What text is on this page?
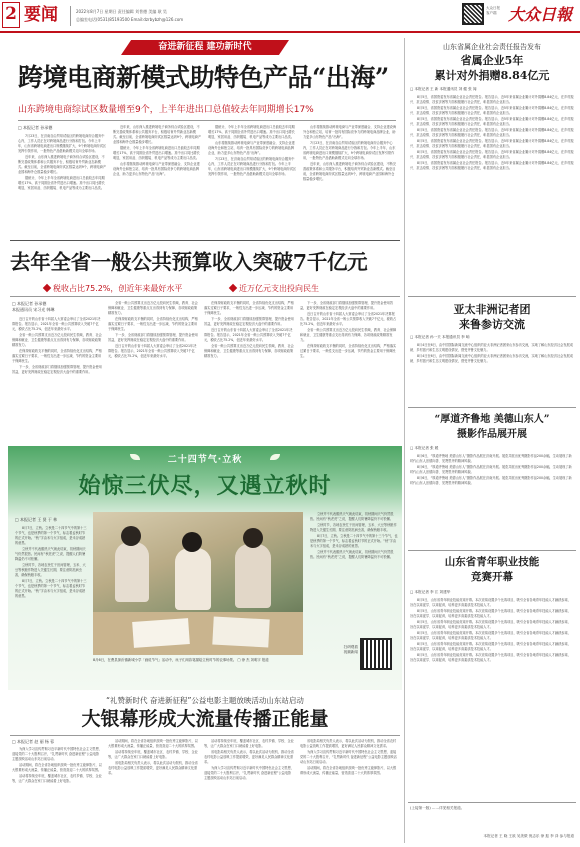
2 要闻	2022年8月7日 星期日 责任编辑 刘普德 美编 耿 昊
总编室电话(0531)85193500 Email:dzrbybzh@126.com
大众日报
客户端 大众日報
奋进新征程 建功新时代
跨境电商新模式助特色产品“出海”
山东跨境电商综试区数量增至9个，上半年进出口总值较去年同期增长17%
□ 本报记者 孙承德

7月23日，在济南自由贸易试验区的跨境电商综合服务中心内，工作人员正在对跨境商品进行分拣和打包。今年上半年，山东省跨境电商进出口规模继续扩大，9个跨境电商综试区发挥引领作用，一批特色产品借助新模式走向全球市场。

近年来，山东深入推进跨境电子商务综合试验区建设，不断完善政策体系和公共服务平台，积极培育外贸新业态新模式。截至目前，全省跨境电商综试区数量达到9个，跨境电商产业园和海外仓数量稳步增长。

据统计，今年上半年全省跨境电商进出口总值较去年同期增长17%，高于同期全省外贸进出口增速。其中出口同比增长明显，家居用品、纺织服装、机电产品等成为主要出口品类。

近年来，山东深入推进跨境电子商务综合试验区建设，不断完善政策体系和公共服务平台，积极培育外贸新业态新模式。截至目前，全省跨境电商综试区数量达到9个，跨境电商产业园和海外仓数量稳步增长。

据统计，今年上半年全省跨境电商进出口总值较去年同期增长17%，高于同期全省外贸进出口增速。其中出口同比增长明显，家居用品、纺织服装、机电产品等成为主要出口品类。

山东将继续推动跨境电商与产业带深度融合，支持企业建设海外仓和独立站，培育一批具有国际竞争力的跨境电商品牌企业，助力更多山东特色产品“出海”。

据统计，今年上半年全省跨境电商进出口总值较去年同期增长17%，高于同期全省外贸进出口增速。其中出口同比增长明显，家居用品、纺织服装、机电产品等成为主要出口品类。

山东将继续推动跨境电商与产业带深度融合，支持企业建设海外仓和独立站，培育一批具有国际竞争力的跨境电商品牌企业，助力更多山东特色产品“出海”。

7月23日，在济南自由贸易试验区的跨境电商综合服务中心内，工作人员正在对跨境商品进行分拣和打包。今年上半年，山东省跨境电商进出口规模继续扩大，9个跨境电商综试区发挥引领作用，一批特色产品借助新模式走向全球市场。

山东将继续推动跨境电商与产业带深度融合，支持企业建设海外仓和独立站，培育一批具有国际竞争力的跨境电商品牌企业，助力更多山东特色产品“出海”。

7月23日，在济南自由贸易试验区的跨境电商综合服务中心内，工作人员正在对跨境商品进行分拣和打包。今年上半年，山东省跨境电商进出口规模继续扩大，9个跨境电商综试区发挥引领作用，一批特色产品借助新模式走向全球市场。

近年来，山东深入推进跨境电子商务综合试验区建设，不断完善政策体系和公共服务平台，积极培育外贸新业态新模式。截至目前，全省跨境电商综试区数量达到9个，跨境电商产业园和海外仓数量稳步增长。

去年全省一般公共预算收入突破7千亿元
税收占比75.2%，创近年来最好水平	近万亿元支出投向民生
□ 本报记者 孙承德
本报通讯员 宋习光 韩琳

近日召开的山东省十四届人大常委会审议了全省2021年决算报告。报告显示，2021年全省一般公共预算收入突破7千亿元，税收占比75.2%，创近年来最好水平。

全省一般公共预算支出近万亿元投向民生领域，教育、社会保障和就业、卫生健康等重点支出得到有力保障，各项财政政策精准发力。

在保持财政收支平衡的同时，全省持续优化支出结构，严格落实过紧日子要求，一般性支出进一步压减，节约的资金主要用于保障民生。

下一步，全省财政部门将继续加强预算管理，提升资金使用效益，更好发挥财政在稳定宏观经济大盘中的重要作用。

全省一般公共预算支出近万亿元投向民生领域，教育、社会保障和就业、卫生健康等重点支出得到有力保障，各项财政政策精准发力。

在保持财政收支平衡的同时，全省持续优化支出结构，严格落实过紧日子要求，一般性支出进一步压减，节约的资金主要用于保障民生。

下一步，全省财政部门将继续加强预算管理，提升资金使用效益，更好发挥财政在稳定宏观经济大盘中的重要作用。

近日召开的山东省十四届人大常委会审议了全省2021年决算报告。报告显示，2021年全省一般公共预算收入突破7千亿元，税收占比75.2%，创近年来最好水平。

在保持财政收支平衡的同时，全省持续优化支出结构，严格落实过紧日子要求，一般性支出进一步压减，节约的资金主要用于保障民生。

下一步，全省财政部门将继续加强预算管理，提升资金使用效益，更好发挥财政在稳定宏观经济大盘中的重要作用。

近日召开的山东省十四届人大常委会审议了全省2021年决算报告。报告显示，2021年全省一般公共预算收入突破7千亿元，税收占比75.2%，创近年来最好水平。

全省一般公共预算支出近万亿元投向民生领域，教育、社会保障和就业、卫生健康等重点支出得到有力保障，各项财政政策精准发力。

下一步，全省财政部门将继续加强预算管理，提升资金使用效益，更好发挥财政在稳定宏观经济大盘中的重要作用。

近日召开的山东省十四届人大常委会审议了全省2021年决算报告。报告显示，2021年全省一般公共预算收入突破7千亿元，税收占比75.2%，创近年来最好水平。

全省一般公共预算支出近万亿元投向民生领域，教育、社会保障和就业、卫生健康等重点支出得到有力保障，各项财政政策精准发力。

在保持财政收支平衡的同时，全省持续优化支出结构，严格落实过紧日子要求，一般性支出进一步压减，节约的资金主要用于保障民生。

二十四节气·立秋
始惊三伏尽，又遇立秋时
□ 本报记者 王 贤 于 林

8月7日，立秋。立秋是二十四节气中的第十三个节气，也是秋季的第一个节气，标志着孟秋时节的正式开始。“秋”字由禾与火字组成，是禾谷成熟的意思。

立秋并不代表酷热天气就此结束，初秋期间天气仍然很热。民间有“秋老虎”之说，提醒人们防暑降温仍不可松懈。

立秋时节，各地农民忙于田间管理，玉米、大豆等秋粮作物进入关键生长期，要注意防范病虫害，确保秋粮丰收。

8月7日，立秋。立秋是二十四节气中的第十三个节气，也是秋季的第一个节气，标志着孟秋时节的正式开始。“秋”字由禾与火字组成，是禾谷成熟的意思。

8月6日，在费县探沂镇新城小学「画说节气」活动中，孩子们用彩笔描绘立秋时节的农事场景。 □ 徐 杰 刘明宇 报道

立秋并不代表酷热天气就此结束，初秋期间天气仍然很热。民间有“秋老虎”之说，提醒人们防暑降温仍不可松懈。

立秋时节，各地农民忙于田间管理，玉米、大豆等秋粮作物进入关键生长期，要注意防范病虫害，确保秋粮丰收。

8月7日，立秋。立秋是二十四节气中的第十三个节气，也是秋季的第一个节气，标志着孟秋时节的正式开始。“秋”字由禾与火字组成，是禾谷成熟的意思。

立秋并不代表酷热天气就此结束，初秋期间天气仍然很热。民间有“秋老虎”之说，提醒人们防暑降温仍不可松懈。

扫码观看
视频新闻
“礼赞新时代 奋进新征程”公益电影主题放映活动山东站启动
大银幕形成大流量传播正能量
□ 本报记者 赵 丽 杨 蓉

为深入学习宣传贯彻习近平新时代中国特色社会主义思想，迎接党的二十大胜利召开，“礼赞新时代 奋进新征程”公益电影主题放映活动山东站日前启动。

活动期间，将在全省各地组织放映一批优秀主旋律影片，以大银幕形成大流量，传播正能量，营造喜迎二十大的浓厚氛围。

活动将持续至年底，覆盖城市社区、农村乡镇、学校、企业等，让广大群众在家门口就能看上好电影。

活动期间，将在全省各地组织放映一批优秀主旋律影片，以大银幕形成大流量，传播正能量，营造喜迎二十大的浓厚氛围。

活动将持续至年底，覆盖城市社区、农村乡镇、学校、企业等，让广大群众在家门口就能看上好电影。

省电影局相关负责人表示，将以此次活动为契机，推动全省农村电影公益放映工作提质增效，更好满足人民群众精神文化需求。

活动将持续至年底，覆盖城市社区、农村乡镇、学校、企业等，让广大群众在家门口就能看上好电影。

省电影局相关负责人表示，将以此次活动为契机，推动全省农村电影公益放映工作提质增效，更好满足人民群众精神文化需求。

为深入学习宣传贯彻习近平新时代中国特色社会主义思想，迎接党的二十大胜利召开，“礼赞新时代 奋进新征程”公益电影主题放映活动山东站日前启动。

省电影局相关负责人表示，将以此次活动为契机，推动全省农村电影公益放映工作提质增效，更好满足人民群众精神文化需求。

为深入学习宣传贯彻习近平新时代中国特色社会主义思想，迎接党的二十大胜利召开，“礼赞新时代 奋进新征程”公益电影主题放映活动山东站日前启动。

活动期间，将在全省各地组织放映一批优秀主旋律影片，以大银幕形成大流量，传播正能量，营造喜迎二十大的浓厚氛围。

山东省属企业社会责任报告发布
省属企业5年
累计对外捐赠8.84亿元
□ 本报记者 王 新 本报通讯员 刘 健 张 闻

8月5日，省国资委发布省属企业社会责任报告。报告显示，近5年来省属企业累计对外捐赠8.84亿元，在乡村振兴、抗击疫情、扶贫济困等方面积极履行社会责任，彰显国有企业担当。

8月5日，省国资委发布省属企业社会责任报告。报告显示，近5年来省属企业累计对外捐赠8.84亿元，在乡村振兴、抗击疫情、扶贫济困等方面积极履行社会责任，彰显国有企业担当。

8月5日，省国资委发布省属企业社会责任报告。报告显示，近5年来省属企业累计对外捐赠8.84亿元，在乡村振兴、抗击疫情、扶贫济困等方面积极履行社会责任，彰显国有企业担当。

8月5日，省国资委发布省属企业社会责任报告。报告显示，近5年来省属企业累计对外捐赠8.84亿元，在乡村振兴、抗击疫情、扶贫济困等方面积极履行社会责任，彰显国有企业担当。

8月5日，省国资委发布省属企业社会责任报告。报告显示，近5年来省属企业累计对外捐赠8.84亿元，在乡村振兴、抗击疫情、扶贫济困等方面积极履行社会责任，彰显国有企业担当。

8月5日，省国资委发布省属企业社会责任报告。报告显示，近5年来省属企业累计对外捐赠8.84亿元，在乡村振兴、抗击疫情、扶贫济困等方面积极履行社会责任，彰显国有企业担当。

8月5日，省国资委发布省属企业社会责任报告。报告显示，近5年来省属企业累计对外捐赠8.84亿元，在乡村振兴、抗击疫情、扶贫济困等方面积极履行社会责任，彰显国有企业担当。

亚太非洲记者团
来鲁参访交流
□ 本报记者 孙一夫 本报通讯员 李 响

8月4日至6日，由中国国际新闻交流中心组织的亚太非洲记者团来山东参访交流，实地了解山东经济社会发展成就、乡村振兴和生态文明建设情况，感受齐鲁文化魅力。

8月4日至6日，由中国国际新闻交流中心组织的亚太非洲记者团来山东参访交流，实地了解山东经济社会发展成就、乡村振兴和生态文明建设情况，感受齐鲁文化魅力。

“厚道齐鲁地 美德山东人”
摄影作品展开展
□ 本报记者 张 媛

8月6日，“厚道齐鲁地 美德山东人”摄影作品展在济南开展。展览共展出优秀摄影作品200余幅，生动展现了新时代山东人崇德向善、见贤思齐的精神风貌。

8月6日，“厚道齐鲁地 美德山东人”摄影作品展在济南开展。展览共展出优秀摄影作品200余幅，生动展现了新时代山东人崇德向善、见贤思齐的精神风貌。

8月6日，“厚道齐鲁地 美德山东人”摄影作品展在济南开展。展览共展出优秀摄影作品200余幅，生动展现了新时代山东人崇德向善、见贤思齐的精神风貌。

山东省青年职业技能
竞赛开幕
□ 本报记者 李 江 刘建华

8月5日，山东省青年职业技能竞赛开幕。本次竞赛设置多个比赛项目，吸引全省各地青年技能人才踊跃参赛，旨在以赛促学、以赛促训，培养更多高素质技术技能人才。

8月5日，山东省青年职业技能竞赛开幕。本次竞赛设置多个比赛项目，吸引全省各地青年技能人才踊跃参赛，旨在以赛促学、以赛促训，培养更多高素质技术技能人才。

8月5日，山东省青年职业技能竞赛开幕。本次竞赛设置多个比赛项目，吸引全省各地青年技能人才踊跃参赛，旨在以赛促学、以赛促训，培养更多高素质技术技能人才。

8月5日，山东省青年职业技能竞赛开幕。本次竞赛设置多个比赛项目，吸引全省各地青年技能人才踊跃参赛，旨在以赛促学、以赛促训，培养更多高素质技术技能人才。

8月5日，山东省青年职业技能竞赛开幕。本次竞赛设置多个比赛项目，吸引全省各地青年技能人才踊跃参赛，旨在以赛促学、以赛促训，培养更多高素质技术技能人才。

8月5日，山东省青年职业技能竞赛开幕。本次竞赛设置多个比赛项目，吸引全省各地青年技能人才踊跃参赛，旨在以赛促学、以赛促训，培养更多高素质技术技能人才。

(上接第一版) ……详见相关报道。
本报记者 王 晓 王欲 吴美微 倪志乐 徐 振 李 泽 参与报道
